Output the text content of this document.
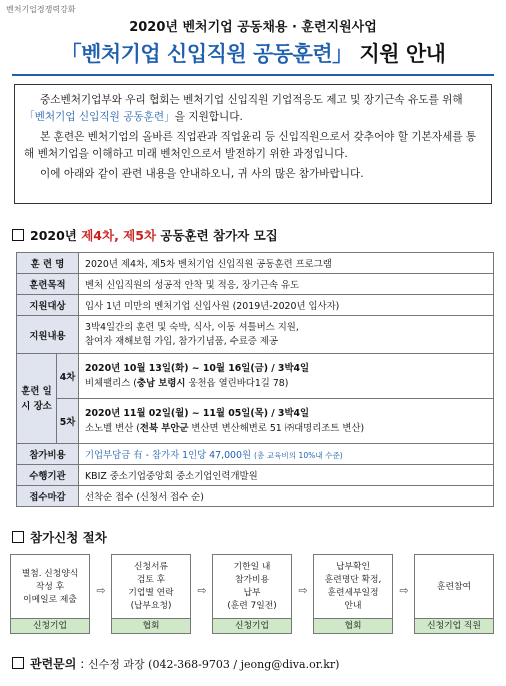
벤처기업경쟁력강화
2020년 벤처기업 공동채용 · 훈련지원사업
「벤처기업 신입직원 공동훈련」 지원 안내

중소벤처기업부와 우리 협회는 벤처기업 신입직원 기업적응도 제고 및 장기근속 유도를 위해 「벤처기업 신입직원 공동훈련」을 지원합니다.

본 훈련은 벤처기업의 올바른 직업관과 직업윤리 등 신입직원으로서 갖추어야 할 기본자세를 통해 벤처기업을 이해하고 미래 벤처인으로서 발전하기 위한 과정입니다.

이에 아래와 같이 관련 내용을 안내하오니, 귀 사의 많은 참가바랍니다.

2020년 제4차, 제5차 공동훈련 참가자 모집
훈 련 명		2020년 제4차, 제5차 벤처기업 신입직원 공동훈련 프로그램
훈련목적		벤처 신입직원의 성공적 안착 및 적응, 장기근속 유도
지원대상		입사 1년 미만의 벤처기업 신입사원 (2019년-2020년 입사자)
지원내용		3박4일간의 훈련 및 숙박, 식사, 이동 셔틀버스 지원,
참여자 재해보험 가입, 참가기념품, 수료증 제공

훈련 일시 장소	4차	2020년 10월 13일(화) ~ 10월 16일(금) / 3박4일
비체팰리스 (충남 보령시 웅천읍 열린바다1길 78)

	5차	2020년 11월 02일(월) ~ 11월 05일(목) / 3박4일
소노벨 변산 (전북 부안군 변산면 변산해변로 51 ㈜대명리조트 변산)

참가비용		기업부담금 有 - 참가자 1인당 47,000원 (총 교육비의 10%내 수준)
수행기관		KBIZ 중소기업중앙회 중소기업인력개발원
접수마감		선착순 접수 (신청서 접수 순)
참가신청 절차
별첨. 신청양식
작성 후
이메일로 제출
신청기업
⇨
신청서류
검토 후
기업별 연락
(납부요청)
협회
⇨
기한일 내
참가비용
납부
(훈련 7일전)
신청기업
⇨
납부확인
훈련명단 확정,
훈련세부일정
안내
협회
⇨	훈련참여
신청기업 직원
관련문의 : 신수정 과장 (042-368-9703 / jeong@diva.or.kr)
